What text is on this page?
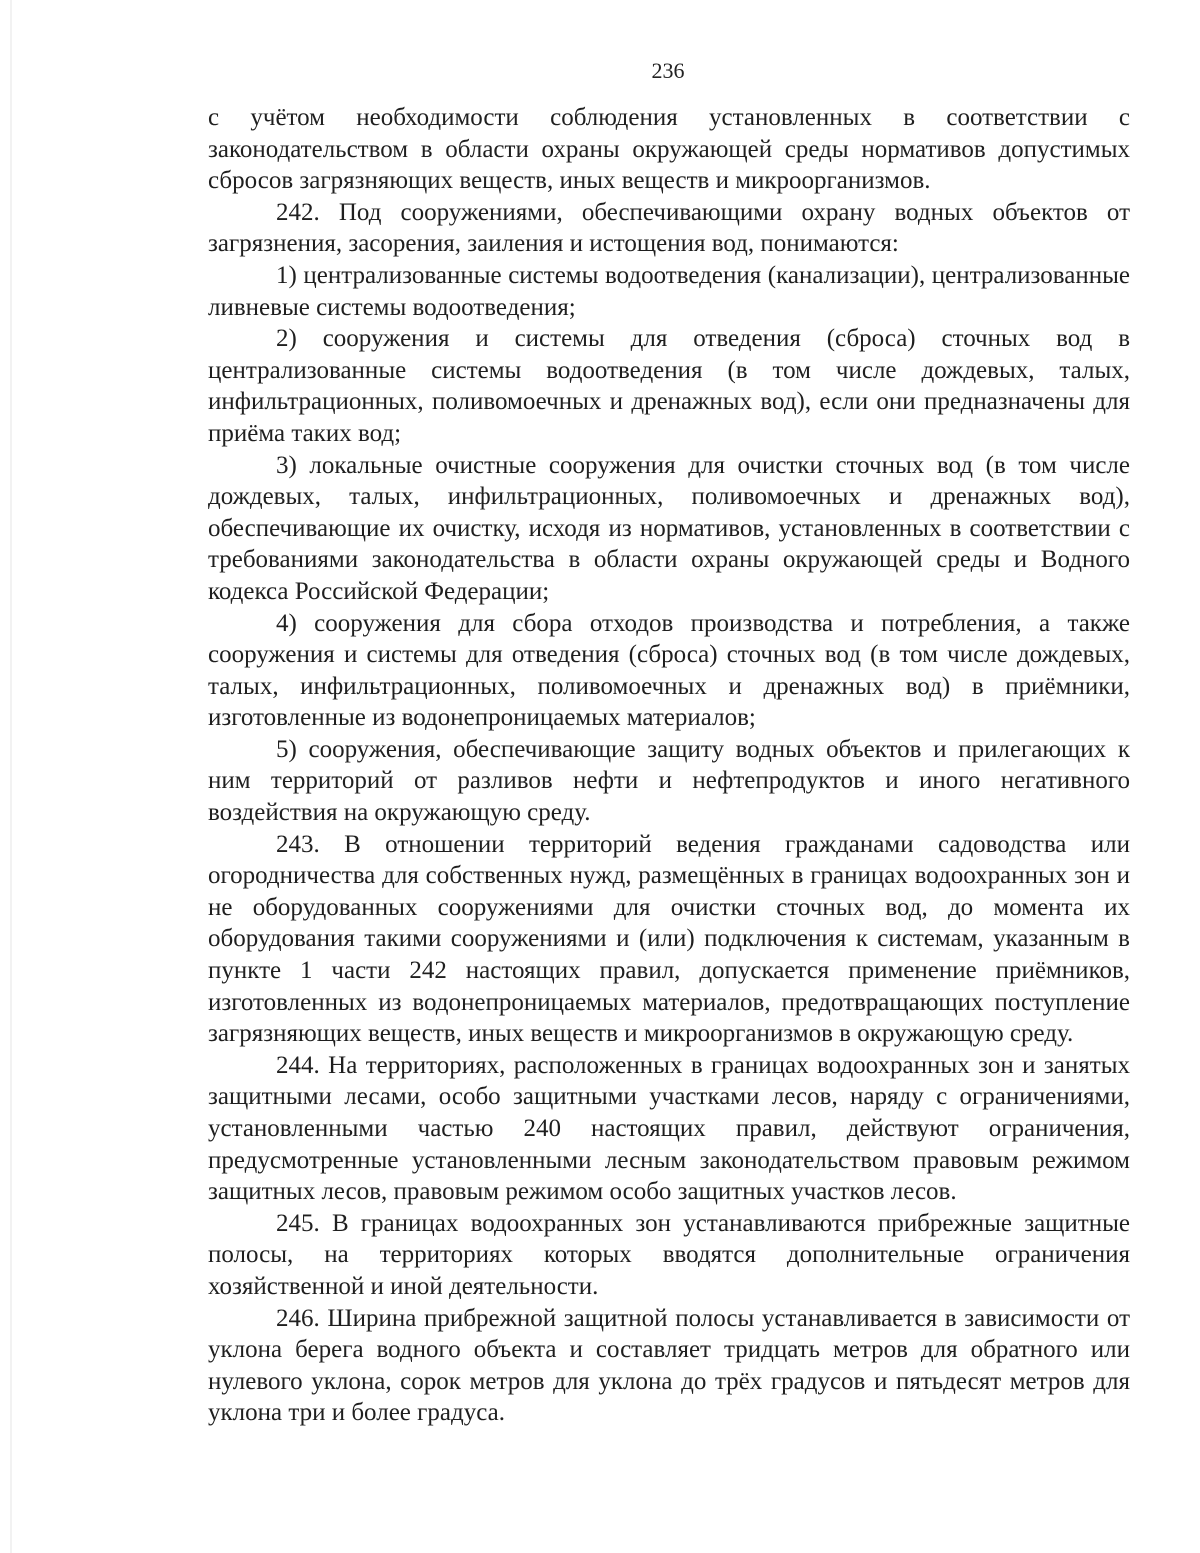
236

с учётом необходимости соблюдения установленных в соответствии с законодательством в области охраны окружающей среды нормативов допустимых сбросов загрязняющих веществ, иных веществ и микроорганизмов.

242. Под сооружениями, обеспечивающими охрану водных объектов от загрязнения, засорения, заиления и истощения вод, понимаются:

1) централизованные системы водоотведения (канализации), централизованные ливневые системы водоотведения;

2) сооружения и системы для отведения (сброса) сточных вод в централизованные системы водоотведения (в том числе дождевых, талых, инфильтрационных, поливомоечных и дренажных вод), если они предназначены для приёма таких вод;

3) локальные очистные сооружения для очистки сточных вод (в том числе дождевых, талых, инфильтрационных, поливомоечных и дренажных вод), обеспечивающие их очистку, исходя из нормативов, установленных в соответствии с требованиями законодательства в области охраны окружающей среды и Водного кодекса Российской Федерации;

4) сооружения для сбора отходов производства и потребления, а также сооружения и системы для отведения (сброса) сточных вод (в том числе дождевых, талых, инфильтрационных, поливомоечных и дренажных вод) в приёмники, изготовленные из водонепроницаемых материалов;

5) сооружения, обеспечивающие защиту водных объектов и прилегающих к ним территорий от разливов нефти и нефтепродуктов и иного негативного воздействия на окружающую среду.

243. В отношении территорий ведения гражданами садоводства или огородничества для собственных нужд, размещённых в границах водоохранных зон и не оборудованных сооружениями для очистки сточных вод, до момента их оборудования такими сооружениями и (или) подключения к системам, указанным в пункте 1 части 242 настоящих правил, допускается применение приёмников, изготовленных из водонепроницаемых материалов, предотвращающих поступление загрязняющих веществ, иных веществ и микроорганизмов в окружающую среду.

244. На территориях, расположенных в границах водоохранных зон и занятых защитными лесами, особо защитными участками лесов, наряду с ограничениями, установленными частью 240 настоящих правил, действуют ограничения, предусмотренные установленными лесным законодательством правовым режимом защитных лесов, правовым режимом особо защитных участков лесов.

245. В границах водоохранных зон устанавливаются прибрежные защитные полосы, на территориях которых вводятся дополнительные ограничения хозяйственной и иной деятельности.

246. Ширина прибрежной защитной полосы устанавливается в зависимости от уклона берега водного объекта и составляет тридцать метров для обратного или нулевого уклона, сорок метров для уклона до трёх градусов и пятьдесят метров для уклона три и более градуса.
